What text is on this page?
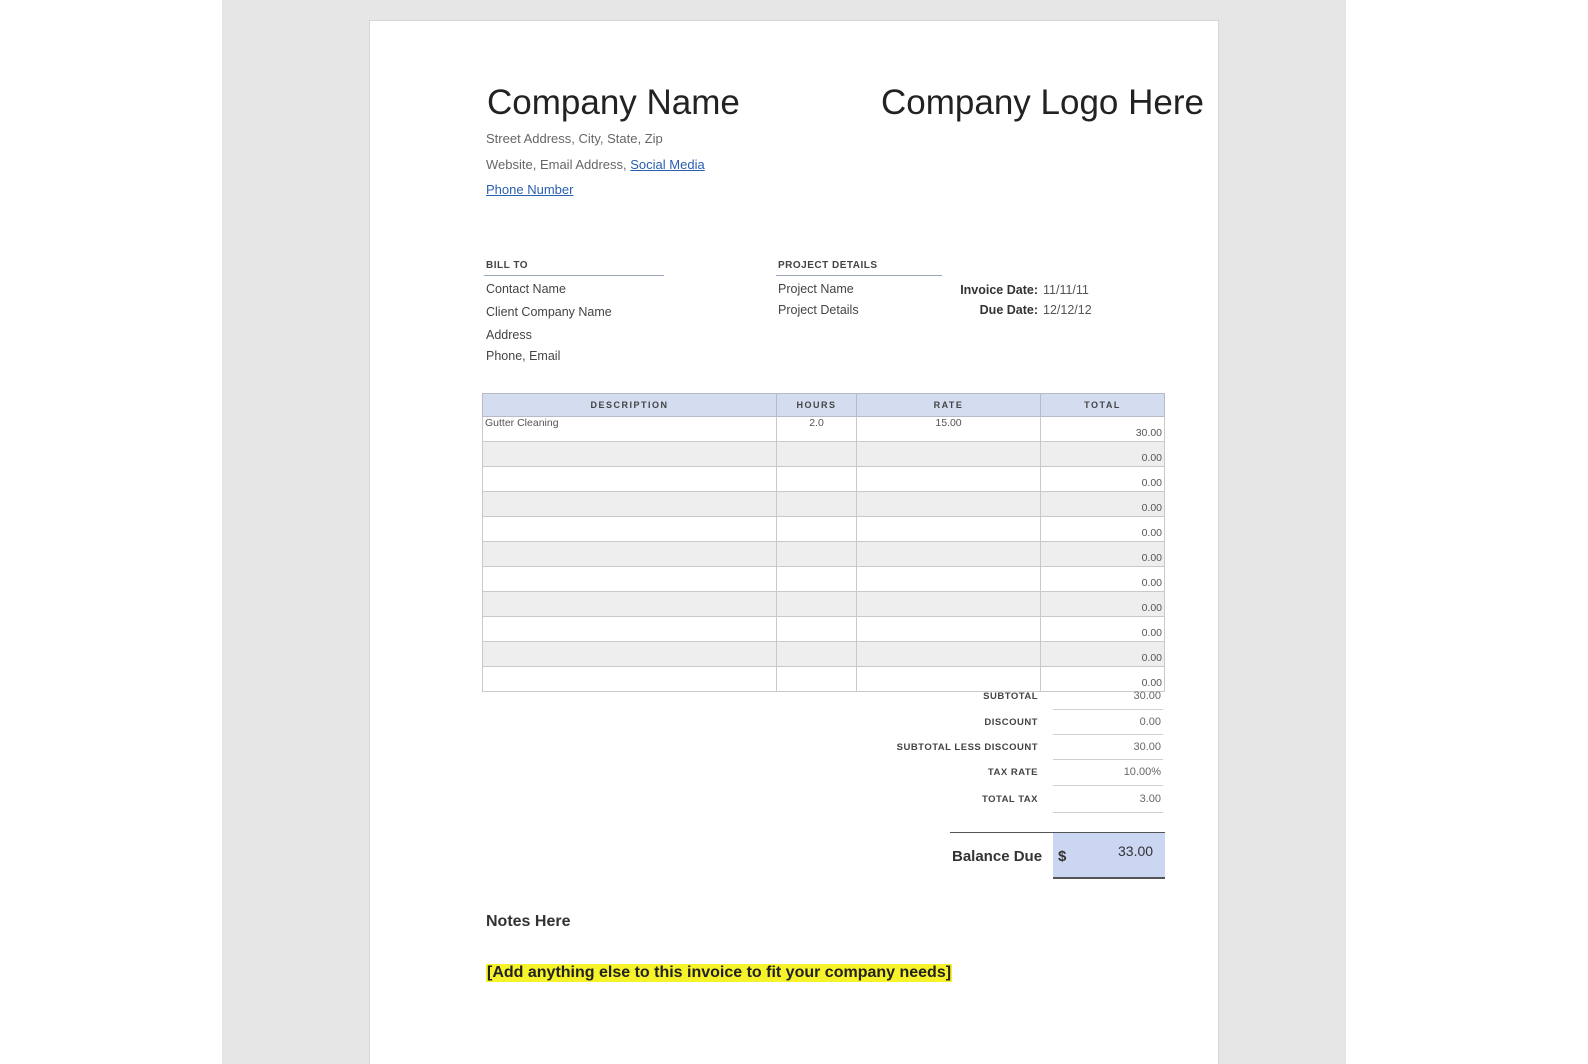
Company Name	Company Logo Here
Street Address, City, State, Zip
Website, Email Address, Social Media
Phone Number
BILL TO
Contact Name
Client Company Name
Address
Phone, Email
PROJECT DETAILS
Project Name
Project Details
Invoice Date: 11/11/11
Due Date: 12/12/12
DESCRIPTION	HOURS	RATE	TOTAL
Gutter Cleaning	2.0	15.00	30.00
			0.00
			0.00
			0.00
			0.00
			0.00
			0.00
			0.00
			0.00
			0.00
			0.00
SUBTOTAL	30.00
DISCOUNT	0.00
SUBTOTAL LESS DISCOUNT	30.00
TAX RATE	10.00%
TOTAL TAX	3.00
Balance Due $	33.00
Notes Here
[Add anything else to this invoice to fit your company needs]
